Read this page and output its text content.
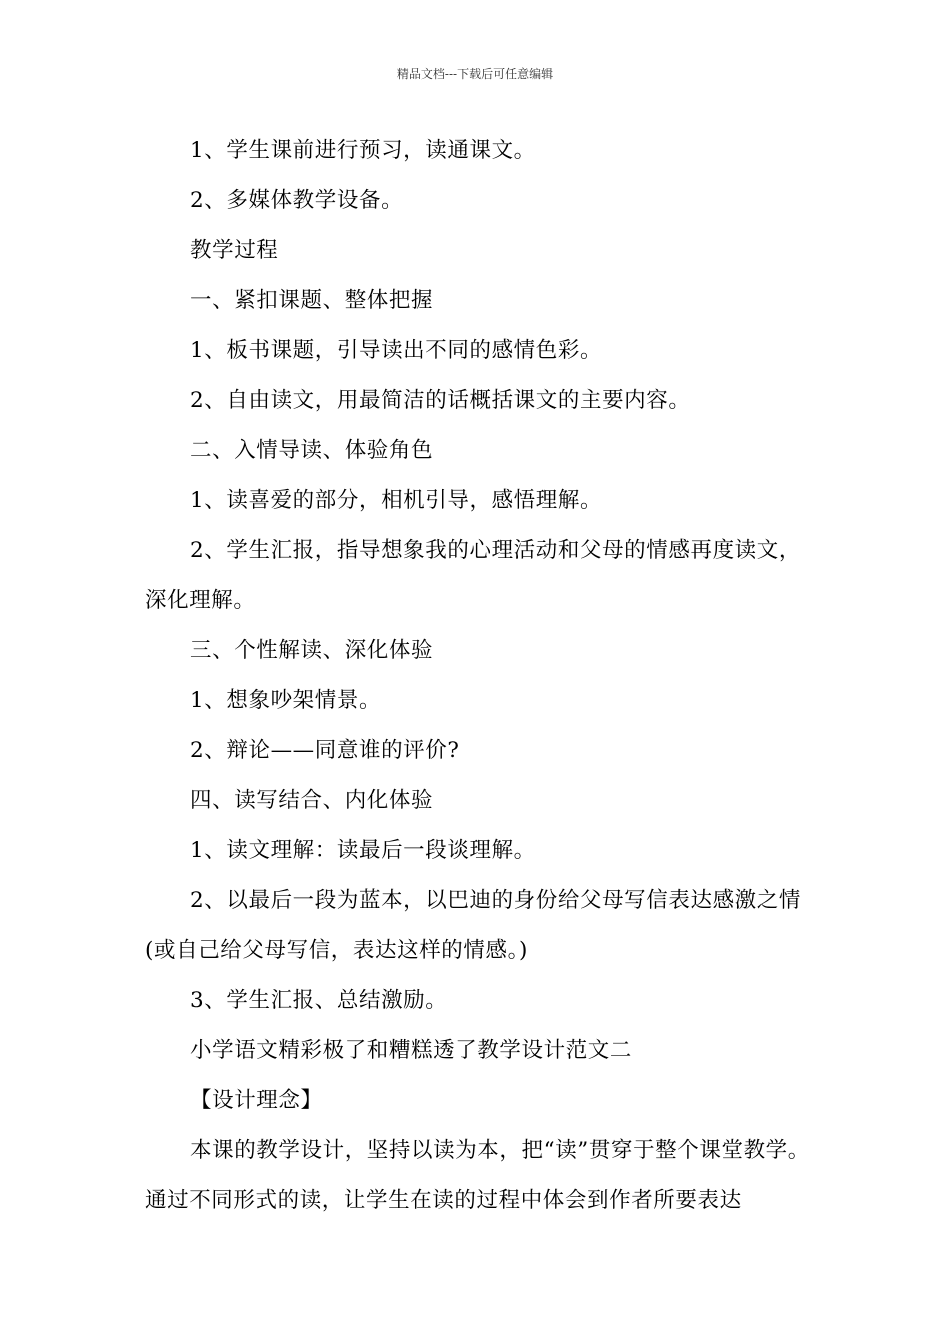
精品文档---下载后可任意编辑

1、学生课前进行预习，读通课文。

2、多媒体教学设备。

教学过程

一、紧扣课题、整体把握

1、板书课题，引导读出不同的感情色彩。

2、自由读文，用最简洁的话概括课文的主要内容。

二、入情导读、体验角色

1、读喜爱的部分，相机引导，感悟理解。

2、学生汇报，指导想象我的心理活动和父母的情感再度读文，深化理解。

三、个性解读、深化体验

1、想象吵架情景。

2、辩论——同意谁的评价?

四、读写结合、内化体验

1、读文理解：读最后一段谈理解。

2、以最后一段为蓝本，以巴迪的身份给父母写信表达感激之情(或自己给父母写信，表达这样的情感。)

3、学生汇报、总结激励。

小学语文精彩极了和糟糕透了教学设计范文二

【设计理念】

本课的教学设计，坚持以读为本，把“读”贯穿于整个课堂教学。通过不同形式的读，让学生在读的过程中体会到作者所要表达
